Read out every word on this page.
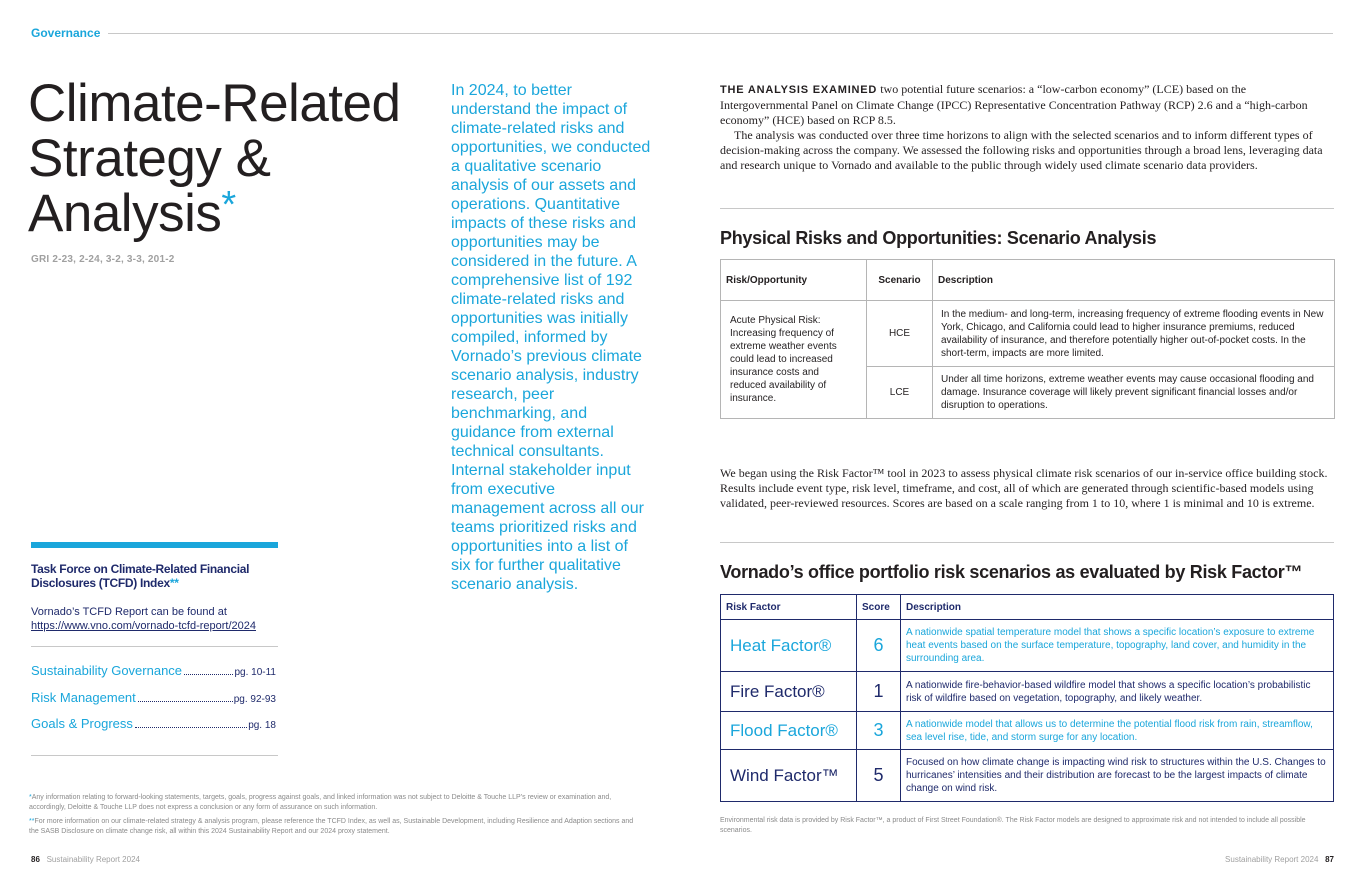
Governance
Climate-Related
Strategy &
Analysis*
GRI 2-23, 2-24, 3-2, 3-3, 201-2
Task Force on Climate-Related Financial Disclosures (TCFD) Index**
Vornado’s TCFD Report can be found at
https://www.vno.com/vornado-tcfd-report/2024
Sustainability Governance	pg. 10-11
Risk Management	pg. 92-93
Goals & Progress	pg. 18
In 2024, to better understand the impact of climate-related risks and opportunities, we conducted a qualitative scenario analysis of our assets and operations. Quantitative impacts of these risks and opportunities may be considered in the future. A comprehensive list of 192 climate-related risks and opportunities was initially compiled, informed by Vornado’s previous climate scenario analysis, industry research, peer benchmarking, and guidance from external technical consultants. Internal stakeholder input from executive management across all our teams prioritized risks and opportunities into a list of six for further qualitative scenario analysis.
*Any information relating to forward-looking statements, targets, goals, progress against goals, and linked information was not subject to Deloitte & Touche LLP’s review or examination and, accordingly, Deloitte & Touche LLP does not express a conclusion or any form of assurance on such information.
**For more information on our climate-related strategy & analysis program, please reference the TCFD Index, as well as, Sustainable Development, including Resilience and Adaption sections and the SASB Disclosure on climate change risk, all within this 2024 Sustainability Report and our 2024 proxy statement.
86 Sustainability Report 2024	Sustainability Report 2024 87

THE ANALYSIS EXAMINED two potential future scenarios: a “low-carbon economy” (LCE) based on the Intergovernmental Panel on Climate Change (IPCC) Representative Concentration Pathway (RCP) 2.6 and a “high-carbon economy” (HCE) based on RCP 8.5.

The analysis was conducted over three time horizons to align with the selected scenarios and to inform different types of decision-making across the company. We assessed the following risks and opportunities through a broad lens, leveraging data and research unique to Vornado and available to the public through widely used climate scenario data providers.

Physical Risks and Opportunities: Scenario Analysis
Risk/Opportunity	Scenario	Description
Acute Physical Risk: Increasing frequency of extreme weather events could lead to increased insurance costs and reduced availability of insurance.	HCE	In the medium- and long-term, increasing frequency of extreme flooding events in New York, Chicago, and California could lead to higher insurance premiums, reduced availability of insurance, and therefore potentially higher out-of-pocket costs. In the short-term, impacts are more limited.
	LCE	Under all time horizons, extreme weather events may cause occasional flooding and damage. Insurance coverage will likely prevent significant financial losses and/or disruption to operations.
We began using the Risk Factor™ tool in 2023 to assess physical climate risk scenarios of our in-service office building stock. Results include event type, risk level, timeframe, and cost, all of which are generated through scientific-based models using validated, peer-reviewed resources. Scores are based on a scale ranging from 1 to 10, where 1 is minimal and 10 is extreme.
Vornado’s office portfolio risk scenarios as evaluated by Risk Factor™
Risk Factor	Score	Description
Heat Factor®	6	A nationwide spatial temperature model that shows a specific location’s exposure to extreme heat events based on the surface temperature, topography, land cover, and humidity in the surrounding area.
Fire Factor®	1	A nationwide fire-behavior-based wildfire model that shows a specific location’s probabilistic risk of wildfire based on vegetation, topography, and likely weather.
Flood Factor®	3	A nationwide model that allows us to determine the potential flood risk from rain, streamflow, sea level rise, tide, and storm surge for any location.
Wind Factor™	5	Focused on how climate change is impacting wind risk to structures within the U.S. Changes to hurricanes’ intensities and their distribution are forecast to be the largest impacts of climate change on wind risk.
Environmental risk data is provided by Risk Factor™, a product of First Street Foundation®. The Risk Factor models are designed to approximate risk and not intended to include all possible scenarios.
